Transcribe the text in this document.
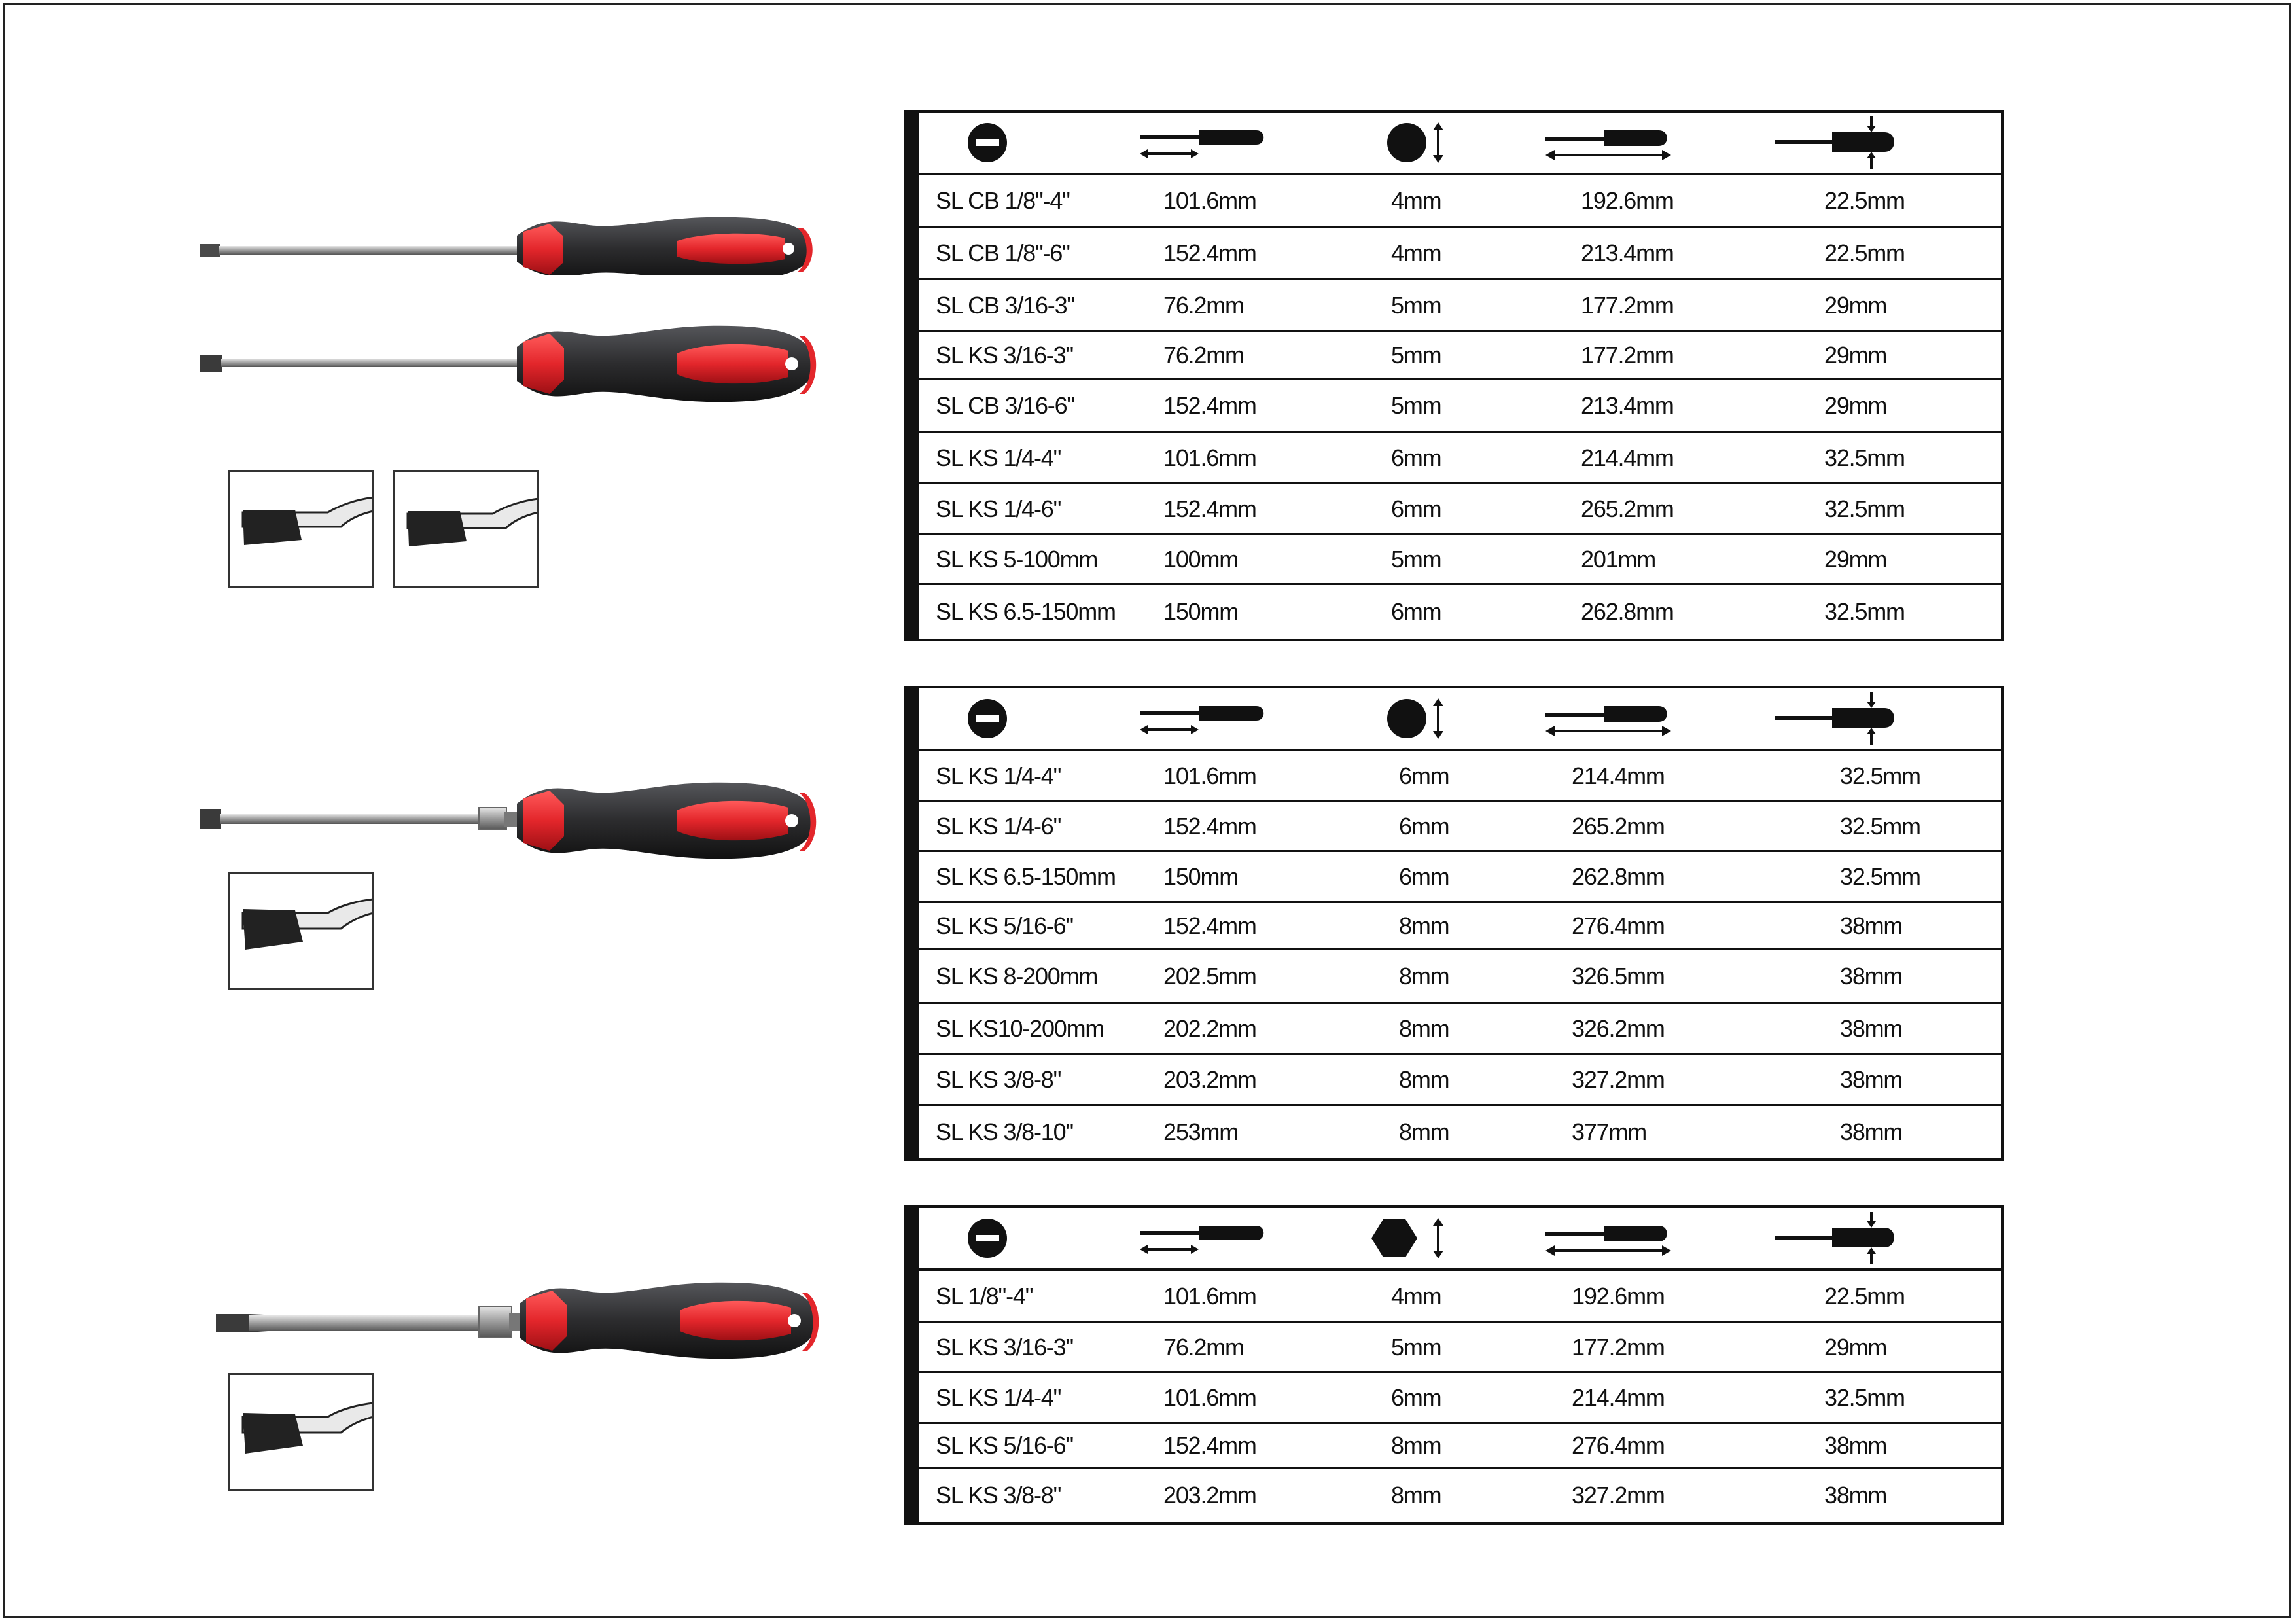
SL CB 1/8"-4"	101.6mm	4mm	192.6mm	22.5mm
SL CB 1/8"-6"	152.4mm	4mm	213.4mm	22.5mm
SL CB 3/16-3"	76.2mm	5mm	177.2mm	29mm
SL KS 3/16-3"	76.2mm	5mm	177.2mm	29mm
SL CB 3/16-6"	152.4mm	5mm	213.4mm	29mm
SL KS 1/4-4"	101.6mm	6mm	214.4mm	32.5mm
SL KS 1/4-6"	152.4mm	6mm	265.2mm	32.5mm
SL KS 5-100mm	100mm	5mm	201mm	29mm
SL KS 6.5-150mm 150mm	6mm	262.8mm	32.5mm
SL KS 1/4-4"	101.6mm	6mm	214.4mm	32.5mm
SL KS 1/4-6"	152.4mm	6mm	265.2mm	32.5mm
SL KS 6.5-150mm 150mm	6mm	262.8mm	32.5mm
SL KS 5/16-6"	152.4mm	8mm	276.4mm	38mm
SL KS 8-200mm	202.5mm	8mm	326.5mm	38mm
SL KS10-200mm	202.2mm	8mm	326.2mm	38mm
SL KS 3/8-8"	203.2mm	8mm	327.2mm	38mm
SL KS 3/8-10"	253mm	8mm	377mm	38mm
SL 1/8"-4"	101.6mm	4mm	192.6mm	22.5mm
SL KS 3/16-3"	76.2mm	5mm	177.2mm	29mm
SL KS 1/4-4"	101.6mm	6mm	214.4mm	32.5mm
SL KS 5/16-6"	152.4mm	8mm	276.4mm	38mm
SL KS 3/8-8"	203.2mm	8mm	327.2mm	38mm
